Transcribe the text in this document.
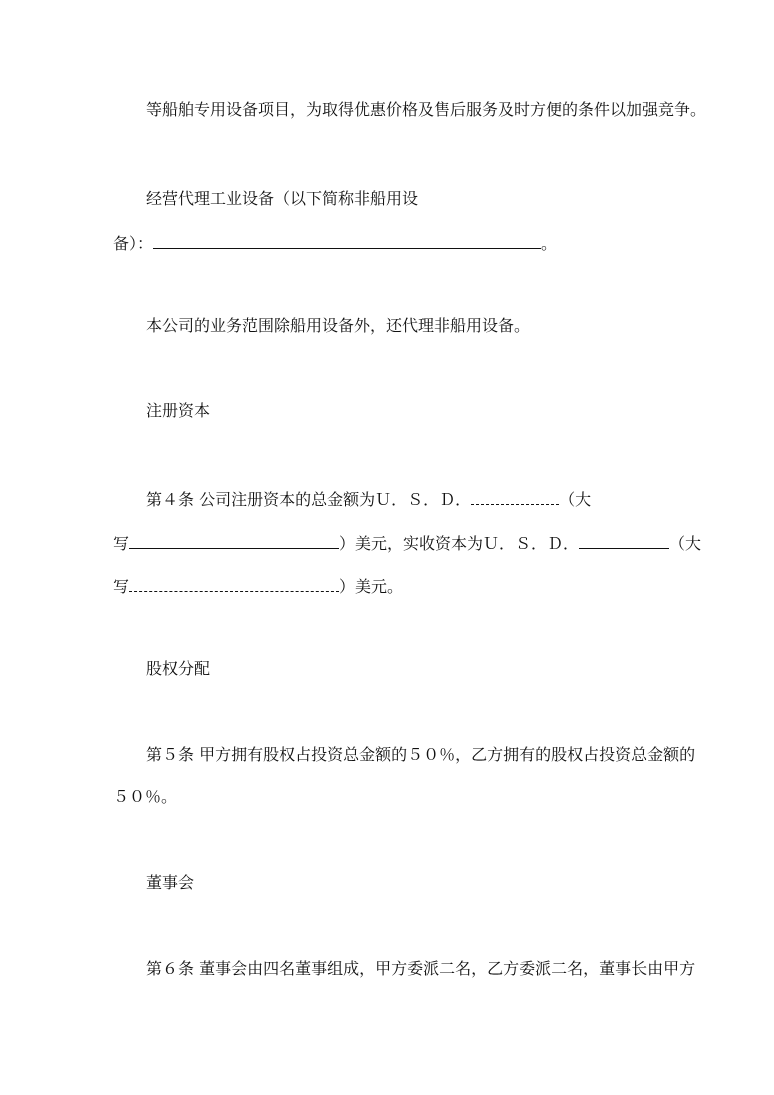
等船舶专用设备项目，为取得优惠价格及售后服务及时方便的条件以加强竞争。
经营代理工业设备（以下简称非船用设
备）：	。
本公司的业务范围除船用设备外，还代理非船用设备。
注册资本
第４条 公司注册资本的总金额为Ｕ．Ｓ．Ｄ．	（大
写	）美元，实收资本为Ｕ．Ｓ．Ｄ．	（大
写	）美元。
股权分配
第５条 甲方拥有股权占投资总金额的５０％，乙方拥有的股权占投资总金额的
５０％。
董事会
第６条 董事会由四名董事组成，甲方委派二名，乙方委派二名，董事长由甲方
